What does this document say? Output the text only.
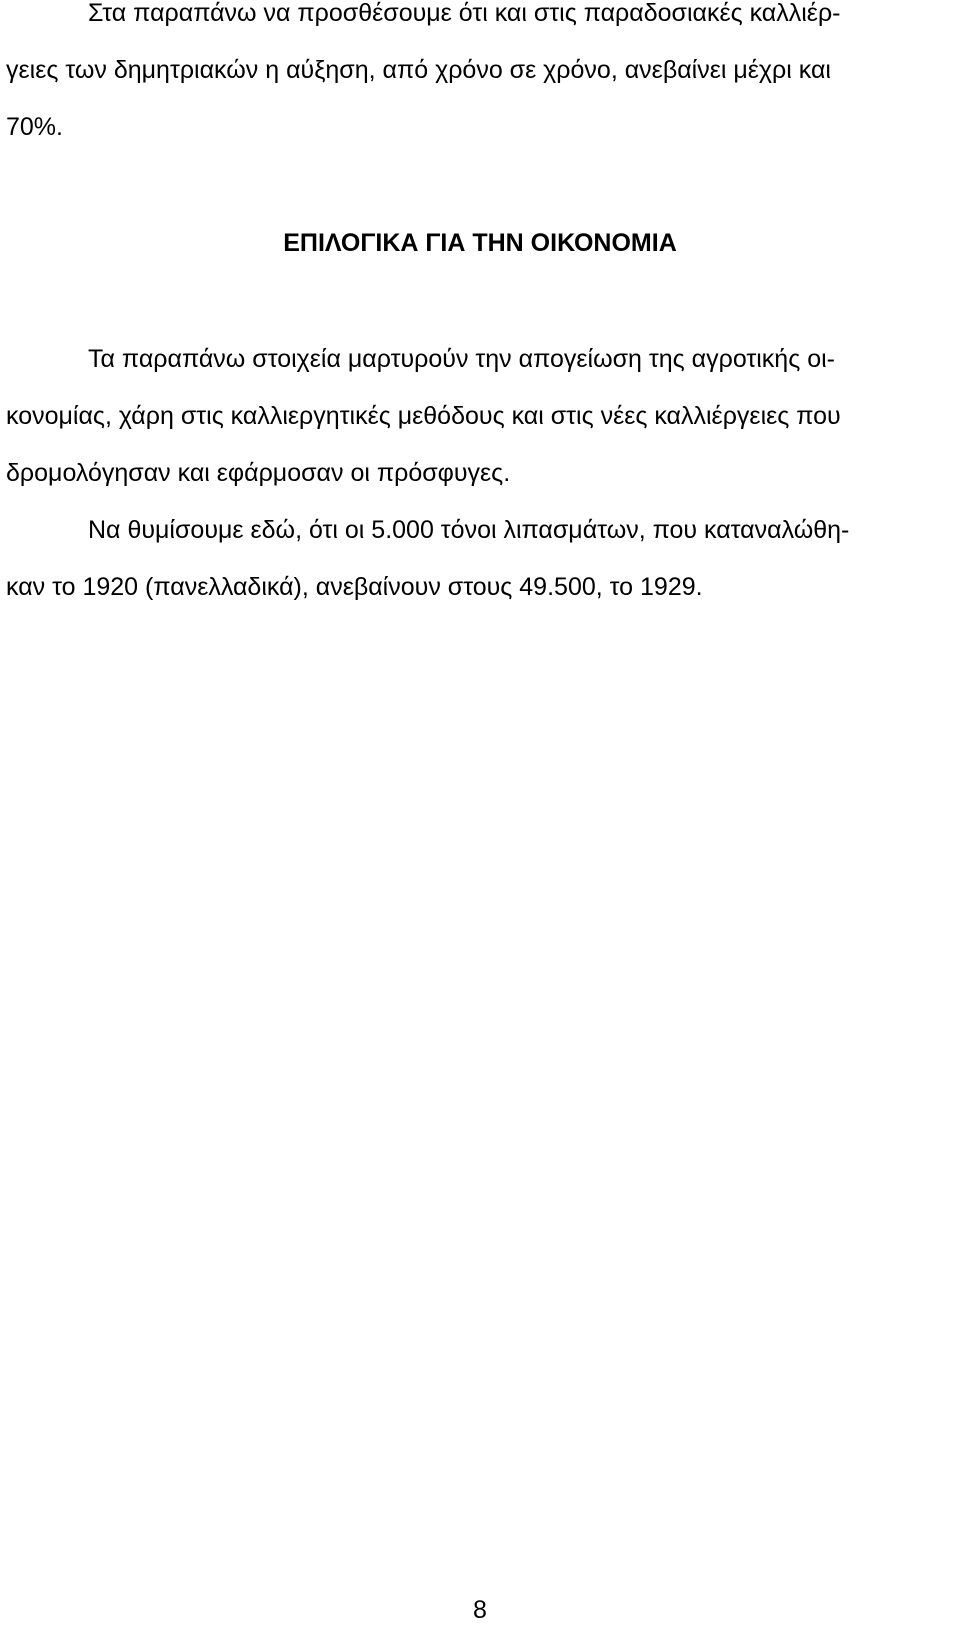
Στα παραπάνω να προσθέσουμε ότι και στις παραδοσιακές καλλιέρ-
γειες των δημητριακών η αύξηση, από χρόνο σε χρόνο, ανεβαίνει μέχρι και
70%.
ΕΠΙΛΟΓΙΚΑ ΓΙΑ ΤΗΝ ΟΙΚΟΝΟΜΙΑ
Τα παραπάνω στοιχεία μαρτυρούν την απογείωση της αγροτικής οι-
κονομίας, χάρη στις καλλιεργητικές μεθόδους και στις νέες καλλιέργειες που
δρομολόγησαν και εφάρμοσαν οι πρόσφυγες.
Να θυμίσουμε εδώ, ότι οι 5.000 τόνοι λιπασμάτων, που καταναλώθη-
καν το 1920 (πανελλαδικά), ανεβαίνουν στους 49.500, το 1929.
8
